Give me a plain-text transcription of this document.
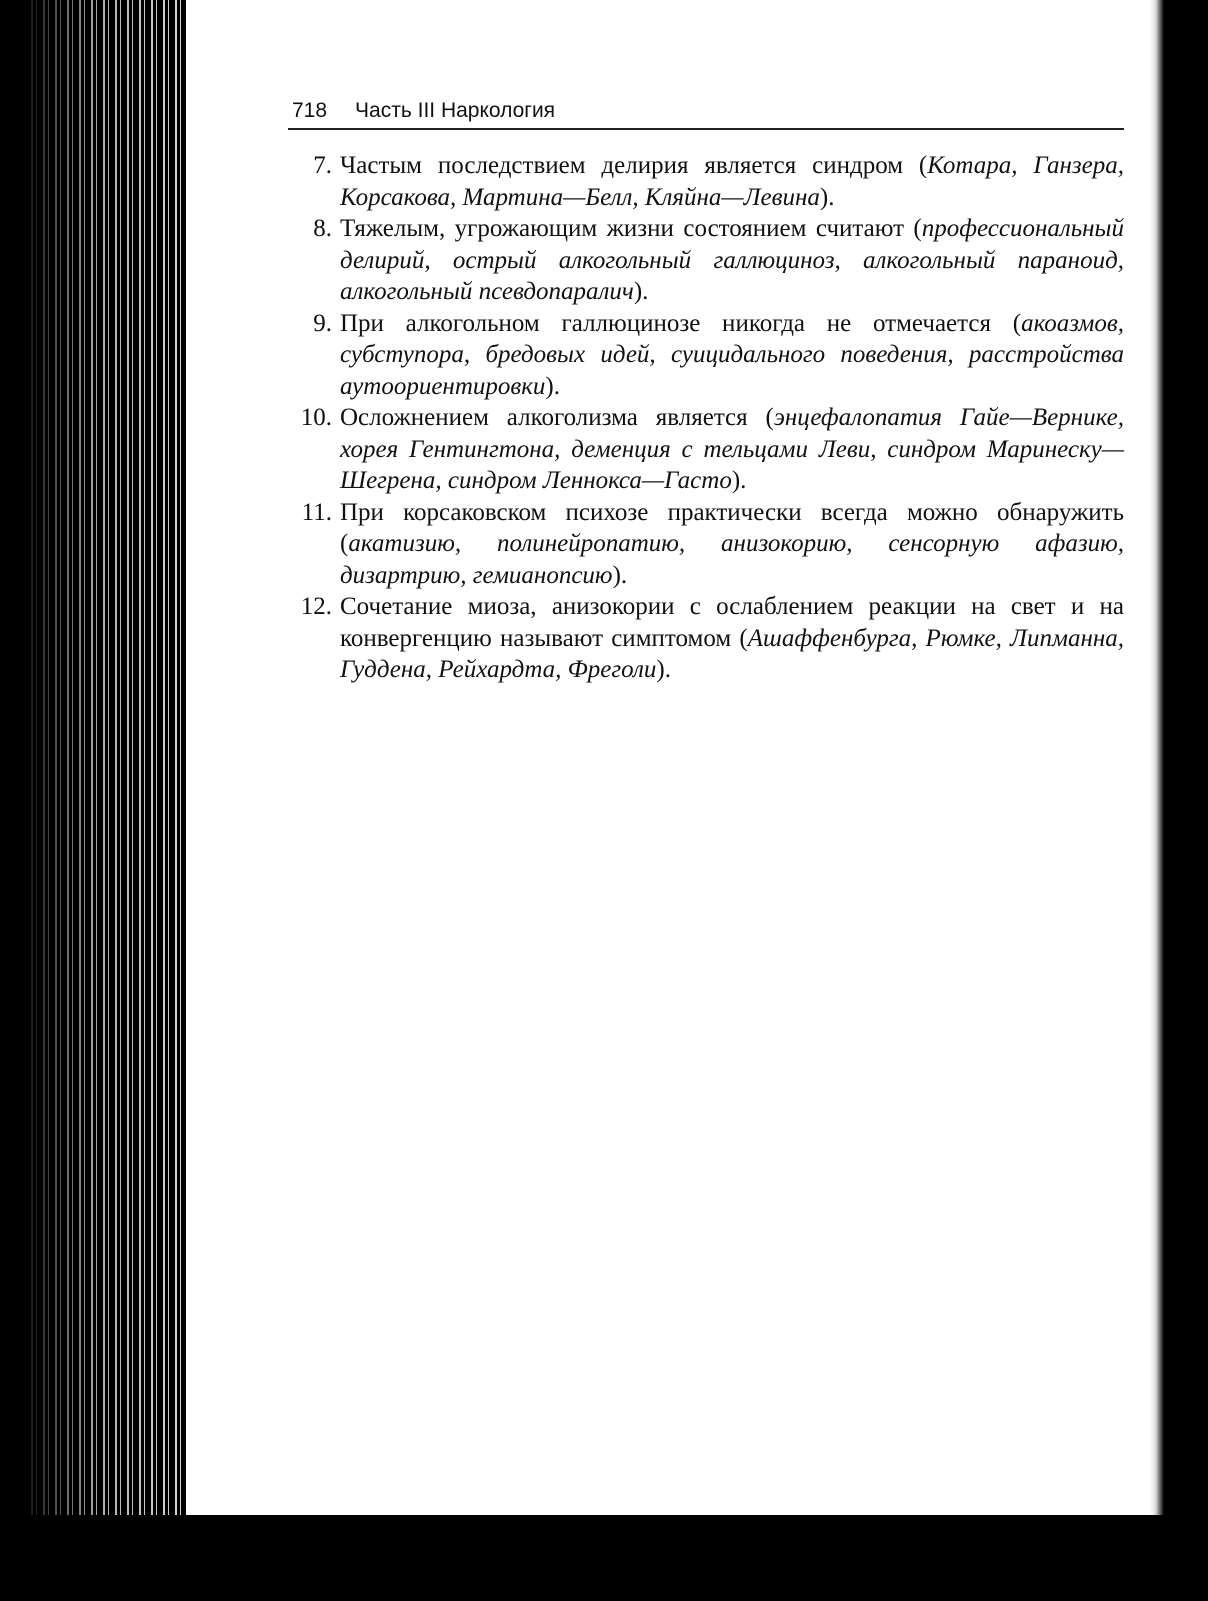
718 Часть III Наркология
7. Частым последствием делирия является синдром (Котара, Ганзера, Корсакова, Мартина—Белл, Кляйна—Левина).
8. Тяжелым, угрожающим жизни состоянием считают (профессиональный делирий, острый алкогольный галлюциноз, алкогольный параноид, алкогольный псевдопаралич).
9. При алкогольном галлюцинозе никогда не отмечается (акоазмов, субступора, бредовых идей, суицидального поведения, расстройства аутоориентировки).
10. Осложнением алкоголизма является (энцефалопатия Гайе—Вернике, хорея Гентингтона, деменция с тельцами Леви, синдром Маринеску—Шегрена, синдром Леннокса—Гасто).
11. При корсаковском психозе практически всегда можно обнаружить (акатизию, полинейропатию, анизокорию, сенсорную афазию, дизартрию, гемианопсию).
12. Сочетание миоза, анизокории с ослаблением реакции на свет и на конвергенцию называют симптомом (Ашаффенбурга, Рюмке, Липманна, Гуддена, Рейхардта, Фреголи).
